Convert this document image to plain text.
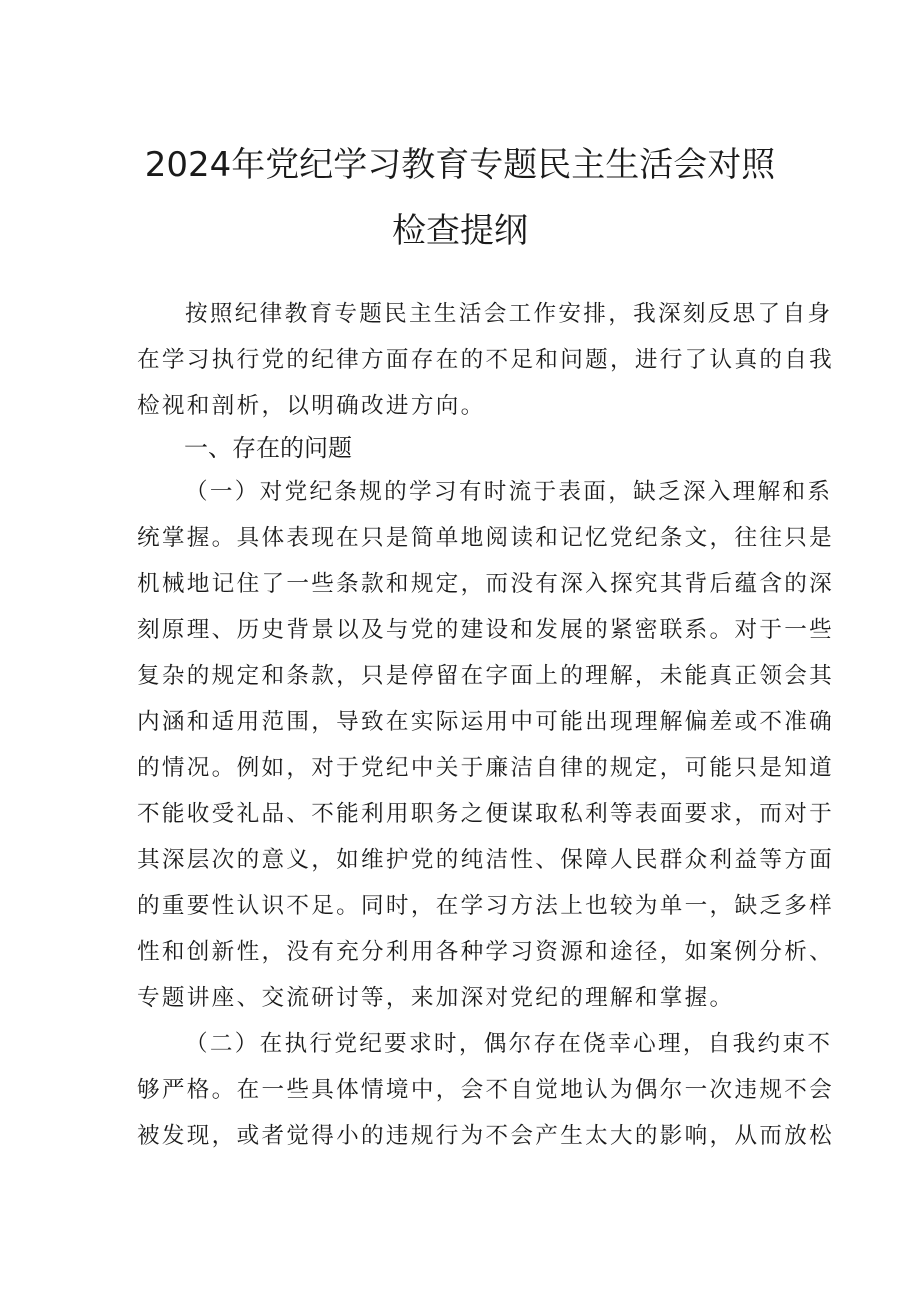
2024年党纪学习教育专题民主生活会对照
检查提纲
按照纪律教育专题民主生活会工作安排，我深刻反思了自身
在学习执行党的纪律方面存在的不足和问题，进行了认真的自我
检视和剖析，以明确改进方向。
一、存在的问题
（一）对党纪条规的学习有时流于表面，缺乏深入理解和系
统掌握。具体表现在只是简单地阅读和记忆党纪条文，往往只是
机械地记住了一些条款和规定，而没有深入探究其背后蕴含的深
刻原理、历史背景以及与党的建设和发展的紧密联系。对于一些
复杂的规定和条款，只是停留在字面上的理解，未能真正领会其
内涵和适用范围，导致在实际运用中可能出现理解偏差或不准确
的情况。例如，对于党纪中关于廉洁自律的规定，可能只是知道
不能收受礼品、不能利用职务之便谋取私利等表面要求，而对于
其深层次的意义，如维护党的纯洁性、保障人民群众利益等方面
的重要性认识不足。同时，在学习方法上也较为单一，缺乏多样
性和创新性，没有充分利用各种学习资源和途径，如案例分析、
专题讲座、交流研讨等，来加深对党纪的理解和掌握。
（二）在执行党纪要求时，偶尔存在侥幸心理，自我约束不
够严格。在一些具体情境中，会不自觉地认为偶尔一次违规不会
被发现，或者觉得小的违规行为不会产生太大的影响，从而放松
